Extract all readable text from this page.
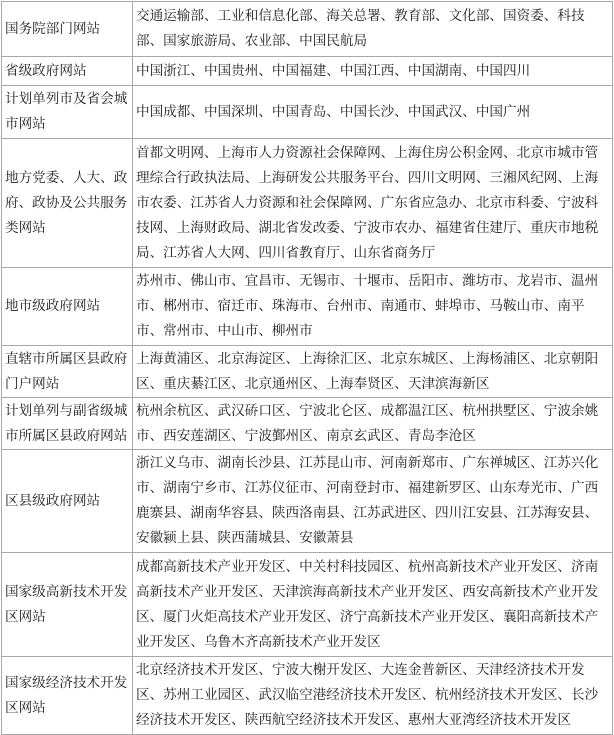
国务院部门网站	交通运输部、工业和信息化部、海关总署、教育部、文化部、国资委、科技部、国家旅游局、农业部、中国民航局
省级政府网站	中国浙江、中国贵州、中国福建、中国江西、中国湖南、中国四川
计划单列市及省会城市网站	中国成都、中国深圳、中国青岛、中国长沙、中国武汉、中国广州
地方党委、人大、政府、政协及公共服务类网站	首都文明网、上海市人力资源社会保障网、上海住房公积金网、北京市城市管理综合行政执法局、上海研发公共服务平台、四川文明网、三湘风纪网、上海市农委、江苏省人力资源和社会保障网、广东省应急办、北京市科委、宁波科技网、上海财政局、湖北省发改委、宁波市农办、福建省住建厅、重庆市地税局、江苏省人大网、四川省教育厅、山东省商务厅
地市级政府网站	苏州市、佛山市、宜昌市、无锡市、十堰市、岳阳市、潍坊市、龙岩市、温州市、郴州市、宿迁市、珠海市、台州市、南通市、蚌埠市、马鞍山市、南平市、常州市、中山市、柳州市
直辖市所属区县政府门户网站	上海黄浦区、北京海淀区、上海徐汇区、北京东城区、上海杨浦区、北京朝阳区、重庆綦江区、北京通州区、上海奉贤区、天津滨海新区
计划单列与副省级城市所属区县政府网站	杭州余杭区、武汉硚口区、宁波北仑区、成都温江区、杭州拱墅区、宁波余姚市、西安莲湖区、宁波鄞州区、南京玄武区、青岛李沧区
区县级政府网站	浙江义乌市、湖南长沙县、江苏昆山市、河南新郑市、广东禅城区、江苏兴化市、湖南宁乡市、江苏仪征市、河南登封市、福建新罗区、山东寿光市、广西鹿寨县、湖南华容县、陕西洛南县、江苏武进区、四川江安县、江苏海安县、安徽颍上县、陕西蒲城县、安徽萧县
国家级高新技术开发区网站	成都高新技术产业开发区、中关村科技园区、杭州高新技术产业开发区、济南高新技术产业开发区、天津滨海高新技术产业开发区、西安高新技术产业开发区、厦门火炬高技术产业开发区、济宁高新技术产业开发区、襄阳高新技术产业开发区、乌鲁木齐高新技术产业开发区
国家级经济技术开发区网站	北京经济技术开发区、宁波大榭开发区、大连金普新区、天津经济技术开发区、苏州工业园区、武汉临空港经济技术开发区、杭州经济技术开发区、长沙经济技术开发区、陕西航空经济技术开发区、惠州大亚湾经济技术开发区
